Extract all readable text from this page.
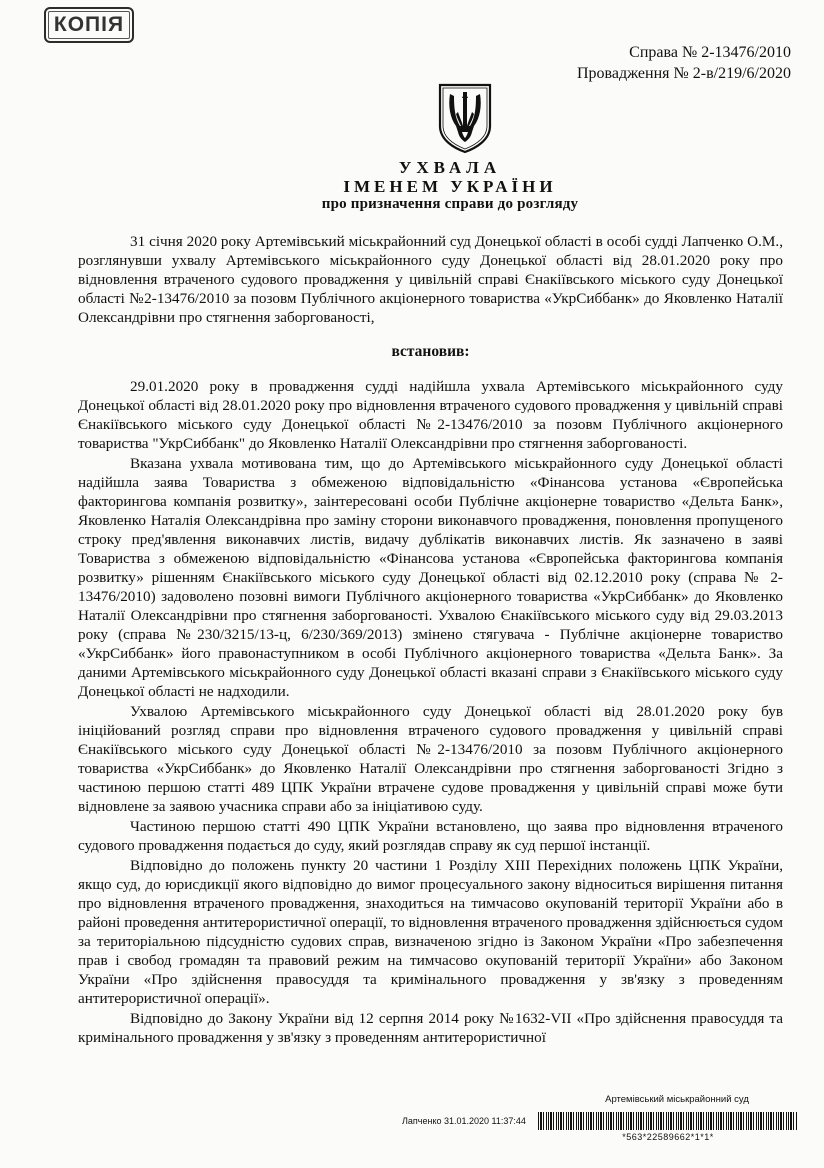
КОПІЯ
Справа № 2-13476/2010
Провадження № 2-в/219/6/2020
УХВАЛА
ІМЕНЕМ УКРАЇНИ
про призначення справи до розгляду

31 січня 2020 року Артемівський міськрайонний суд Донецької області в особі судді Лапченко О.М., розглянувши ухвалу Артемівського міськрайонного суду Донецької області від 28.01.2020 року про відновлення втраченого судового провадження у цивільній справі Єнакіївського міського суду Донецької області №2-13476/2010 за позовм Публічного акціонерного товариства «УкрСиббанк» до Яковленко Наталії Олександрівни про стягнення заборгованості,

встановив:

29.01.2020 року в провадження судді надійшла ухвала Артемівського міськрайонного суду Донецької області від 28.01.2020 року про відновлення втраченого судового провадження у цивільній справі Єнакіївського міського суду Донецької області №2-13476/2010 за позовм Публічного акціонерного товариства "УкрСиббанк" до Яковленко Наталії Олександрівни про стягнення заборгованості.

Вказана ухвала мотивована тим, що до Артемівського міськрайонного суду Донецької області надійшла заява Товариства з обмеженою відповідальністю «Фінансова установа «Європейська факторингова компанія розвитку», заінтересовані особи Публічне акціонерне товариство «Дельта Банк», Яковленко Наталія Олександрівна про заміну сторони виконавчого провадження, поновлення пропущеного строку пред'явлення виконавчих листів, видачу дублікатів виконавчих листів. Як зазначено в заяві Товариства з обмеженою відповідальністю «Фінансова установа «Європейська факторингова компанія розвитку» рішенням Єнакіївського міського суду Донецької області від 02.12.2010 року (справа № 2-13476/2010) задоволено позовні вимоги Публічного акціонерного товариства «УкрСиббанк» до Яковленко Наталії Олександрівни про стягнення заборгованості. Ухвалою Єнакіївського міського суду від 29.03.2013 року (справа №230/3215/13-ц, 6/230/369/2013) змінено стягувача - Публічне акціонерне товариство «УкрСиббанк» його правонаступником в особі Публічного акціонерного товариства «Дельта Банк». За даними Артемівського міськрайонного суду Донецької області вказані справи з Єнакіївського міського суду Донецької області не надходили.

Ухвалою Артемівського міськрайонного суду Донецької області від 28.01.2020 року був ініційований розгляд справи про відновлення втраченого судового провадження у цивільній справі Єнакіївського міського суду Донецької області №2-13476/2010 за позовм Публічного акціонерного товариства «УкрСиббанк» до Яковленко Наталії Олександрівни про стягнення заборгованості Згідно з частиною першою статті 489 ЦПК України втрачене судове провадження у цивільній справі може бути відновлене за заявою учасника справи або за ініціативою суду.

Частиною першою статті 490 ЦПК України встановлено, що заява про відновлення втраченого судового провадження подається до суду, який розглядав справу як суд першої інстанції.

Відповідно до положень пункту 20 частини 1 Розділу XIII Перехідних положень ЦПК України, якщо суд, до юрисдикції якого відповідно до вимог процесуального закону відноситься вирішення питання про відновлення втраченого провадження, знаходиться на тимчасово окупованій території України або в районі проведення антитерористичної операції, то відновлення втраченого провадження здійснюється судом за територіальною підсудністю судових справ, визначеною згідно із Законом України «Про забезпечення прав і свобод громадян та правовий режим на тимчасово окупованій території України» або Законом України «Про здійснення правосуддя та кримінального провадження у зв'язку з проведенням антитерористичної операції».

Відповідно до Закону України від 12 серпня 2014 року №1632-VII «Про здійснення правосуддя та кримінального провадження у зв'язку з проведенням антитерористичної

Артемівський міськрайонний суд
Лапченко 31.01.2020 11:37:44
*563*22589662*1*1*
